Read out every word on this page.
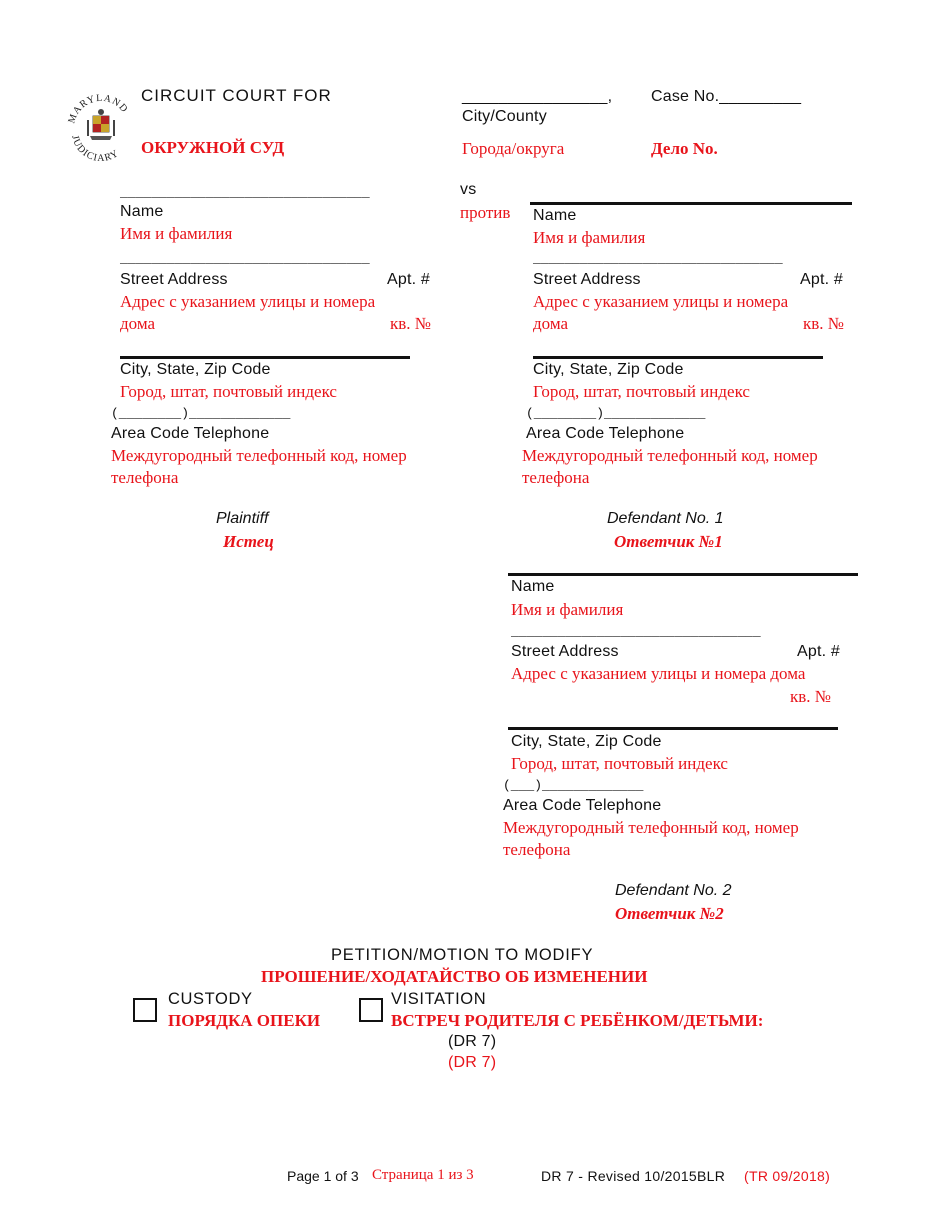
MARYLAND
JUDICIARY
CIRCUIT COURT FOR
ОКРУЖНОЙ СУД
________________,
City/County
Города/округа
Case No._________
Дело No.
vs
против
________________________________
Name
Имя и фамилия
________________________________
Street Address	Apt. #
Адрес с указанием улицы и номера
дома	кв. №
City, State, Zip Code
Город, штат, почтовый индекс
(________)_____________
Area Code Telephone
Междугородный телефонный код, номер
телефона
Plaintiff
Истец
Name
Имя и фамилия
________________________________
Street Address	Apt. #
Адрес с указанием улицы и номера
дома	кв. №
City, State, Zip Code
Город, штат, почтовый индекс
(________)_____________
Area Code Telephone
Междугородный телефонный код, номер
телефона
Defendant No. 1
Ответчик №1
Name
Имя и фамилия
________________________________
Street Address	Apt. #
Адрес с указанием улицы и номера дома
кв. №
City, State, Zip Code
Город, штат, почтовый индекс
(___)_____________
Area Code Telephone
Междугородный телефонный код, номер
телефона
Defendant No. 2
Ответчик №2
PETITION/MOTION TO MODIFY
ПРОШЕНИЕ/ХОДАТАЙСТВО ОБ ИЗМЕНЕНИИ
CUSTODY
ПОРЯДКА ОПЕКИ
VISITATION
ВСТРЕЧ РОДИТЕЛЯ С РЕБЁНКОМ/ДЕТЬМИ:
(DR 7)
(DR 7)
Page 1 of 3 Страница 1 из 3	DR 7 - Revised 10/2015BLR (TR 09/2018)
